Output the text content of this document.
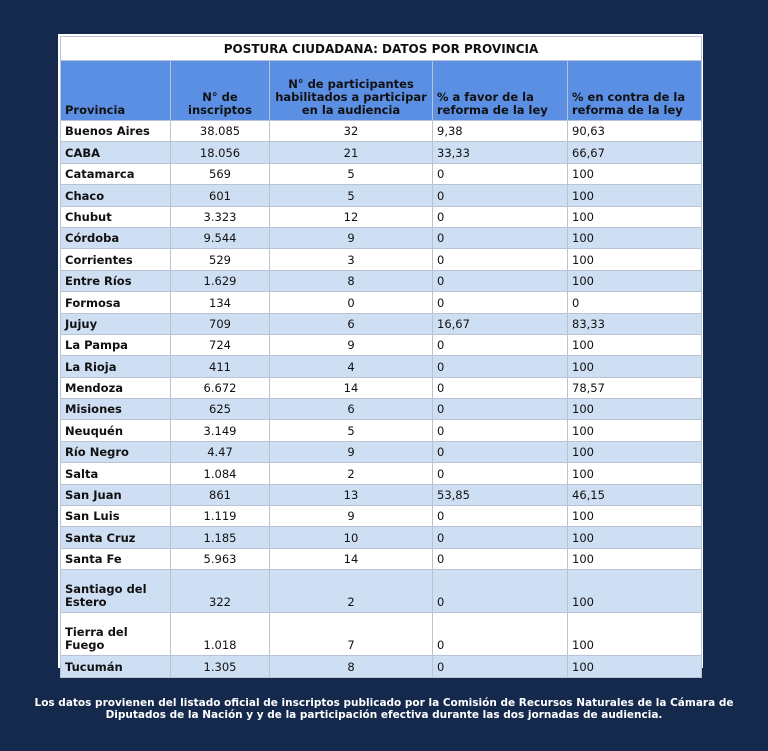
POSTURA CIUDADANA: DATOS POR PROVINCIA				
Provincia	N° de inscriptos	N° de participantes habilitados a participar en la audiencia	% a favor de la reforma de la ley	% en contra de la reforma de la ley
Buenos Aires	38.085	32	9,38	90,63
CABA	18.056	21	33,33	66,67
Catamarca	569	5	0	100
Chaco	601	5	0	100
Chubut	3.323	12	0	100
Córdoba	9.544	9	0	100
Corrientes	529	3	0	100
Entre Ríos	1.629	8	0	100
Formosa	134	0	0	0
Jujuy	709	6	16,67	83,33
La Pampa	724	9	0	100
La Rioja	411	4	0	100
Mendoza	6.672	14	0	78,57
Misiones	625	6	0	100
Neuquén	3.149	5	0	100
Río Negro	4.47	9	0	100
Salta	1.084	2	0	100
San Juan	861	13	53,85	46,15
San Luis	1.119	9	0	100
Santa Cruz	1.185	10	0	100
Santa Fe	5.963	14	0	100
Santiago del Estero	322	2	0	100
Tierra del Fuego	1.018	7	0	100
Tucumán	1.305	8	0	100
Los datos provienen del listado oficial de inscriptos publicado por la Comisión de Recursos Naturales de la Cámara de Diputados de la Nación y y de la participación efectiva durante las dos jornadas de audiencia.
